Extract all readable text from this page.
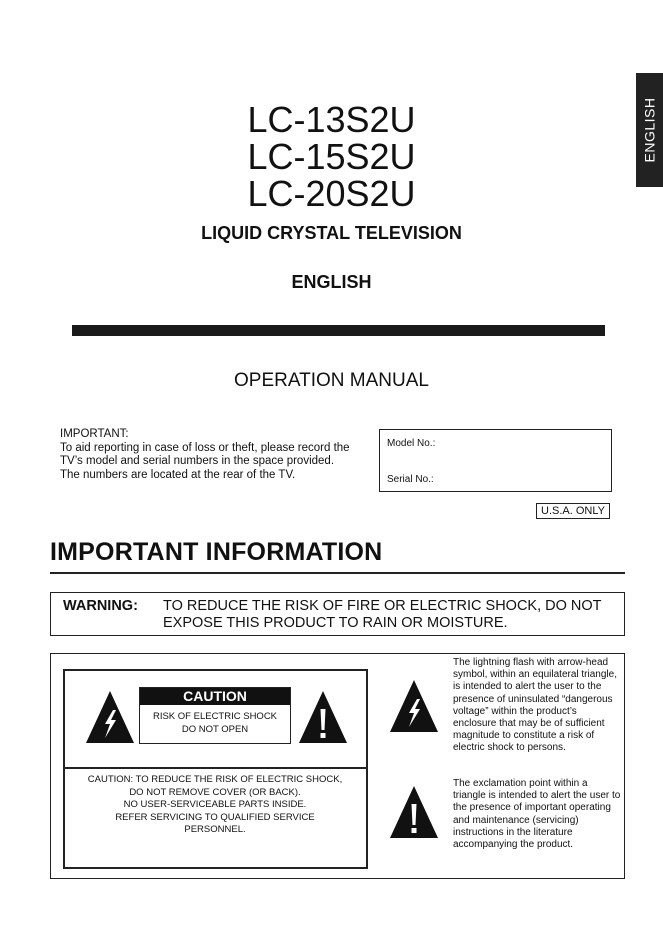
ENGLISH
LC-13S2U
LC-15S2U
LC-20S2U
LIQUID CRYSTAL TELEVISION
ENGLISH
OPERATION MANUAL
IMPORTANT:
To aid reporting in case of loss or theft, please record the TV’s model and serial numbers in the space provided. The numbers are located at the rear of the TV.
Model No.:
Serial No.:
U.S.A. ONLY
IMPORTANT INFORMATION
WARNING: TO REDUCE THE RISK OF FIRE OR ELECTRIC SHOCK, DO NOT EXPOSE THIS PRODUCT TO RAIN OR MOISTURE.
CAUTION
RISK OF ELECTRIC SHOCK
DO NOT OPEN
CAUTION: TO REDUCE THE RISK OF ELECTRIC SHOCK,
DO NOT REMOVE COVER (OR BACK).
NO USER-SERVICEABLE PARTS INSIDE.
REFER SERVICING TO QUALIFIED SERVICE
PERSONNEL.
The lightning flash with arrow-head symbol, within an equilateral triangle, is intended to alert the user to the presence of uninsulated “dangerous voltage” within the product’s enclosure that may be of sufficient magnitude to constitute a risk of electric shock to persons.
The exclamation point within a triangle is intended to alert the user to the presence of important operating and maintenance (servicing) instructions in the literature accompanying the product.
